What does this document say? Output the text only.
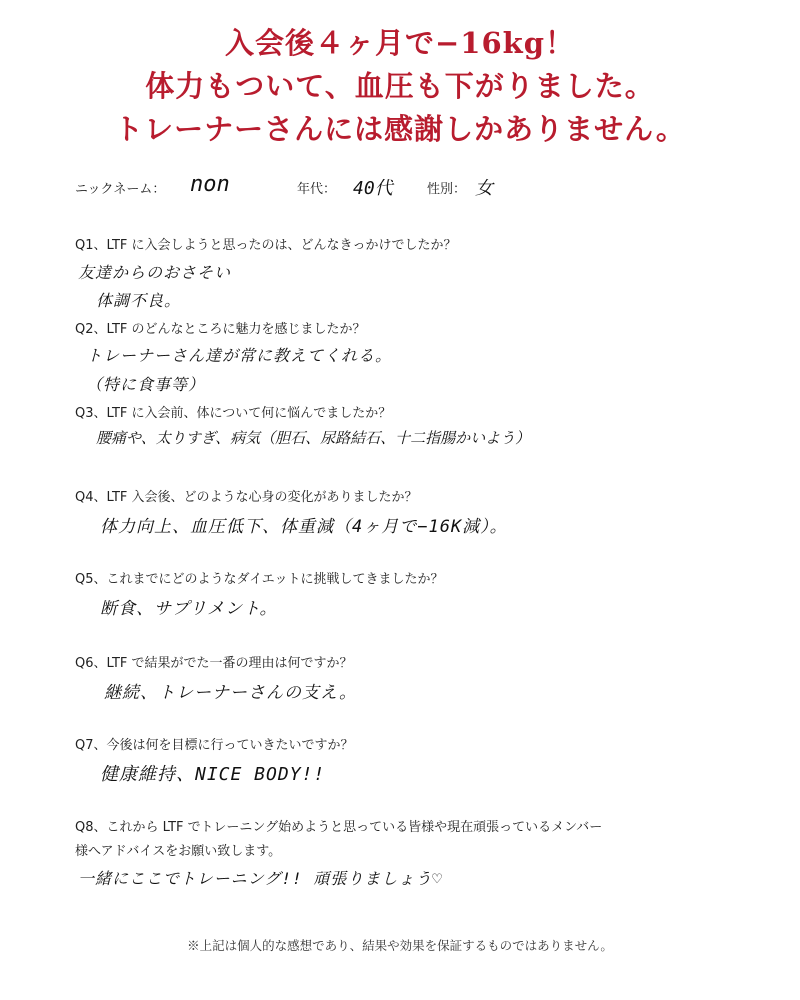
入会後４ヶ月で−16kg！
体力もついて、血圧も下がりました。
トレーナーさんには感謝しかありません。
ニックネーム： non	年代： 40代	性別： 女
Q1、LTF に入会しようと思ったのは、どんなきっかけでしたか？
友達からのおさそい
体調不良。
Q2、LTF のどんなところに魅力を感じましたか？
トレーナーさん達が常に教えてくれる。
（特に食事等）
Q3、LTF に入会前、体について何に悩んでましたか？
腰痛や、太りすぎ、病気（胆石、尿路結石、十二指腸かいよう）
Q4、LTF 入会後、どのような心身の変化がありましたか？
体力向上、血圧低下、体重減（4ヶ月で−16K減）。
Q5、これまでにどのようなダイエットに挑戦してきましたか？
断食、サプリメント。
Q6、LTF で結果がでた一番の理由は何ですか？
継続、トレーナーさんの支え。
Q7、今後は何を目標に行っていきたいですか？
健康維持、NICE BODY!!
Q8、これから LTF でトレーニング始めようと思っている皆様や現在頑張っているメンバー
様へアドバイスをお願い致します。
一緒にここでトレーニング!! 頑張りましょう♡
※上記は個人的な感想であり、結果や効果を保証するものではありません。
